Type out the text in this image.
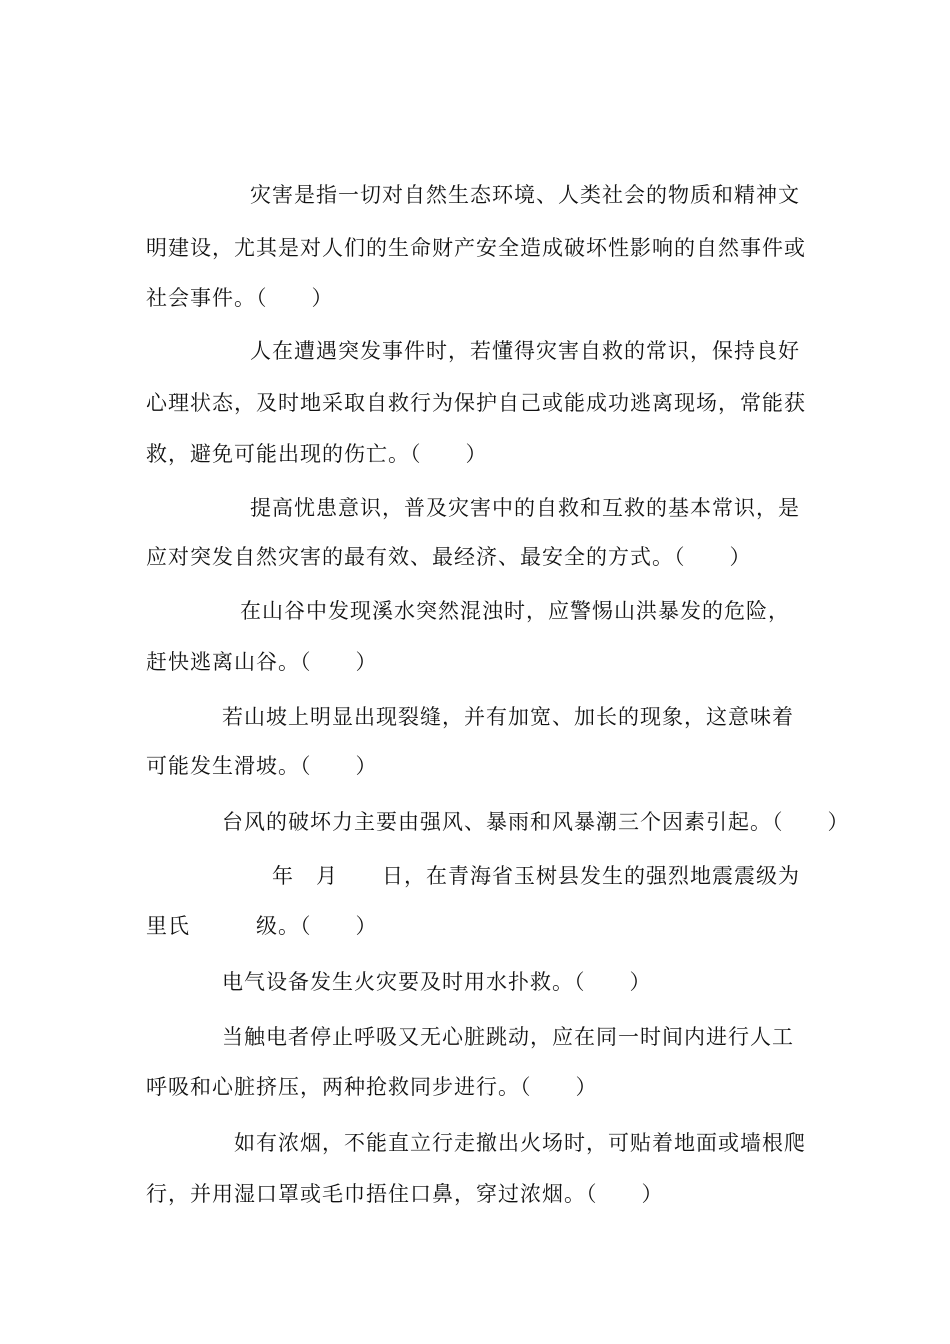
灾害是指一切对自然生态环境、人类社会的物质和精神文
明建设，尤其是对人们的生命财产安全造成破坏性影响的自然事件或
社会事件。（　　）
人在遭遇突发事件时，若懂得灾害自救的常识，保持良好
心理状态，及时地采取自救行为保护自己或能成功逃离现场，常能获
救，避免可能出现的伤亡。（　　）
提高忧患意识，普及灾害中的自救和互救的基本常识，是
应对突发自然灾害的最有效、最经济、最安全的方式。（　　）
在山谷中发现溪水突然混浊时，应警惕山洪暴发的危险，
赶快逃离山谷。（　　）
若山坡上明显出现裂缝，并有加宽、加长的现象，这意味着
可能发生滑坡。（　　）
台风的破坏力主要由强风、暴雨和风暴潮三个因素引起。（　　）
年　月　　日，在青海省玉树县发生的强烈地震震级为
里氏　　　级。（　　）
电气设备发生火灾要及时用水扑救。（　　）
当触电者停止呼吸又无心脏跳动，应在同一时间内进行人工
呼吸和心脏挤压，两种抢救同步进行。（　　）
如有浓烟，不能直立行走撤出火场时，可贴着地面或墙根爬
行，并用湿口罩或毛巾捂住口鼻，穿过浓烟。（　　）
